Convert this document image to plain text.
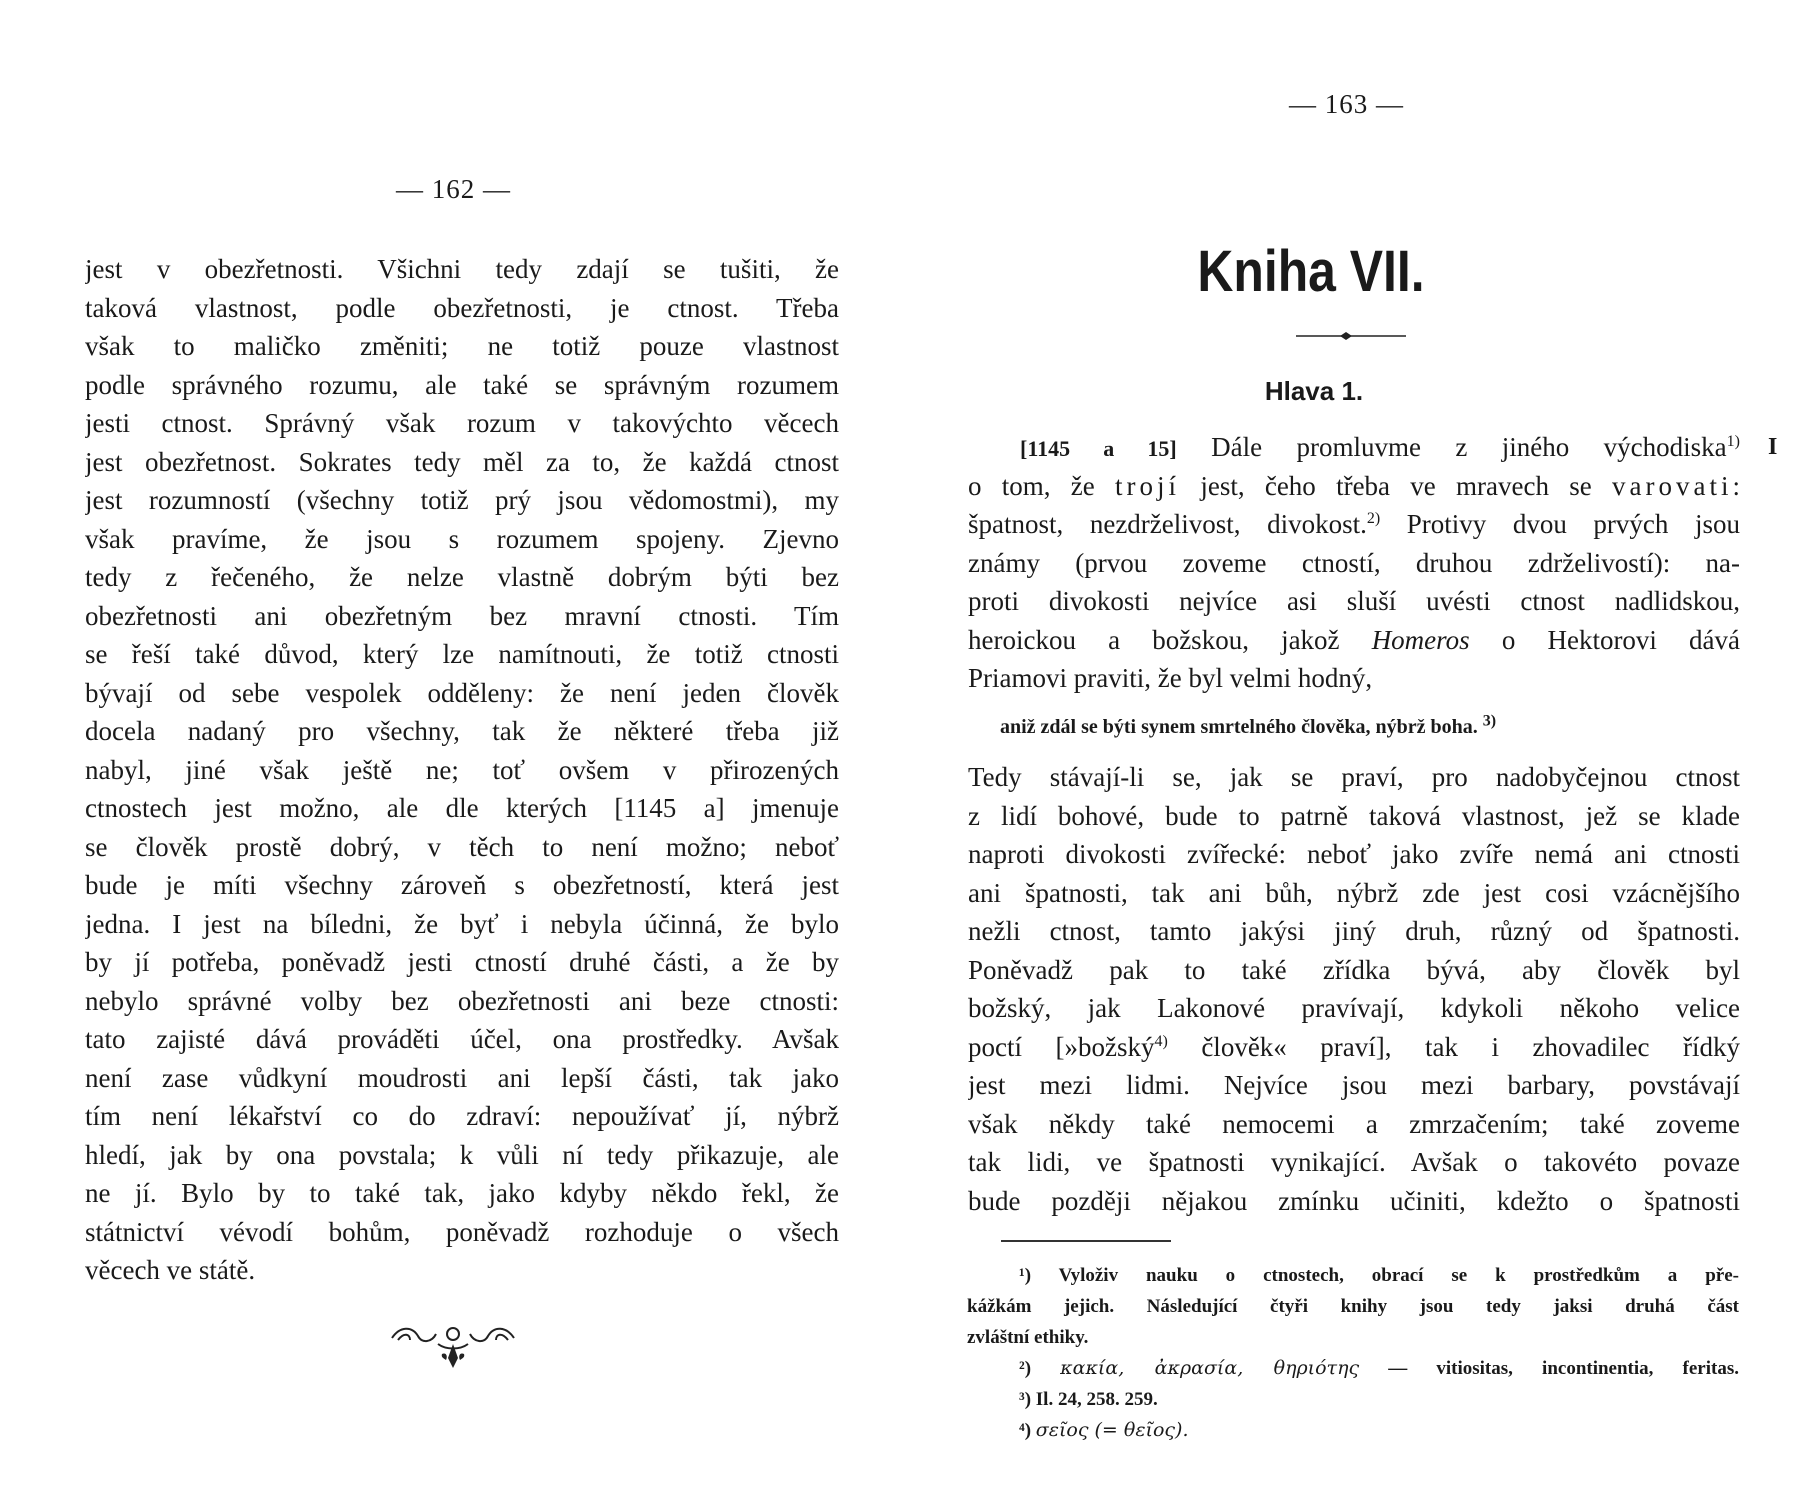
— 162 —
jest v obezřetnosti. Všichni tedy zdají se tušiti, že
taková vlastnost, podle obezřetnosti, je ctnost. Třeba
však to maličko změniti; ne totiž pouze vlastnost
podle správného rozumu, ale také se správným rozumem
jesti ctnost. Správný však rozum v takovýchto věcech
jest obezřetnost. Sokrates tedy měl za to, že každá ctnost
jest rozumností (všechny totiž prý jsou vědomostmi), my
však pravíme, že jsou s rozumem spojeny. Zjevno
tedy z řečeného, že nelze vlastně dobrým býti bez
obezřetnosti ani obezřetným bez mravní ctnosti. Tím
se řeší také důvod, který lze namítnouti, že totiž ctnosti
bývají od sebe vespolek odděleny: že není jeden člověk
docela nadaný pro všechny, tak že některé třeba již
nabyl, jiné však ještě ne; toť ovšem v přirozených
ctnostech jest možno, ale dle kterých [1145 a] jmenuje
se člověk prostě dobrý, v těch to není možno; neboť
bude je míti všechny zároveň s obezřetností, která jest
jedna. I jest na bíledni, že byť i nebyla účinná, že bylo
by jí potřeba, poněvadž jesti ctností druhé části, a že by
nebylo správné volby bez obezřetnosti ani beze ctnosti:
tato zajisté dává prováděti účel, ona prostředky. Avšak
není zase vůdkyní moudrosti ani lepší části, tak jako
tím není lékařství co do zdraví: nepoužívať jí, nýbrž
hledí, jak by ona povstala; k vůli ní tedy přikazuje, ale
ne jí. Bylo by to také tak, jako kdyby někdo řekl, že
státnictví vévodí bohům, poněvadž rozhoduje o všech
věcech ve státě.
— 163 —
Kniha VII.
Hlava 1.
I
[1145 a 15] Dále promluvme z jiného východiska$^{1)}$
o tom, že trojí jest, čeho třeba ve mravech se varovati:
špatnost, nezdrželivost, divokost.$^{2)}$ Protivy dvou prvých jsou
známy (prvou zoveme ctností, druhou zdrželivostí): na-
proti divokosti nejvíce asi sluší uvésti ctnost nadlidskou,
heroickou a božskou, jakož Homeros o Hektorovi dává
Priamovi praviti, že byl velmi hodný,
aniž zdál se býti synem smrtelného člověka, nýbrž boha. $^{3)}$
Tedy stávají-li se, jak se praví, pro nadobyčejnou ctnost
z lidí bohové, bude to patrně taková vlastnost, jež se klade
naproti divokosti zvířecké: neboť jako zvíře nemá ani ctnosti
ani špatnosti, tak ani bůh, nýbrž zde jest cosi vzácnějšího
nežli ctnost, tamto jakýsi jiný druh, různý od špatnosti.
Poněvadž pak to také zřídka bývá, aby člověk byl
božský, jak Lakonové pravívají, kdykoli někoho velice
poctí [»božský$^{4)}$ člověk« praví], tak i zhovadilec řídký
jest mezi lidmi. Nejvíce jsou mezi barbary, povstávají
však někdy také nemocemi a zmrzačením; také zoveme
tak lidi, ve špatnosti vynikající. Avšak o takovéto povaze
bude později nějakou zmínku učiniti, kdežto o špatnosti
¹) Vyloživ nauku o ctnostech, obrací se k prostředkům a pře-
kážkám jejich. Následující čtyři knihy jsou tedy jaksi druhá část
zvláštní ethiky.
²) κακία, ἀκρασία, θηριότης — vitiositas, incontinentia, feritas.
³) Il. 24, 258. 259.
⁴) σεῖος (= θεῖος).
